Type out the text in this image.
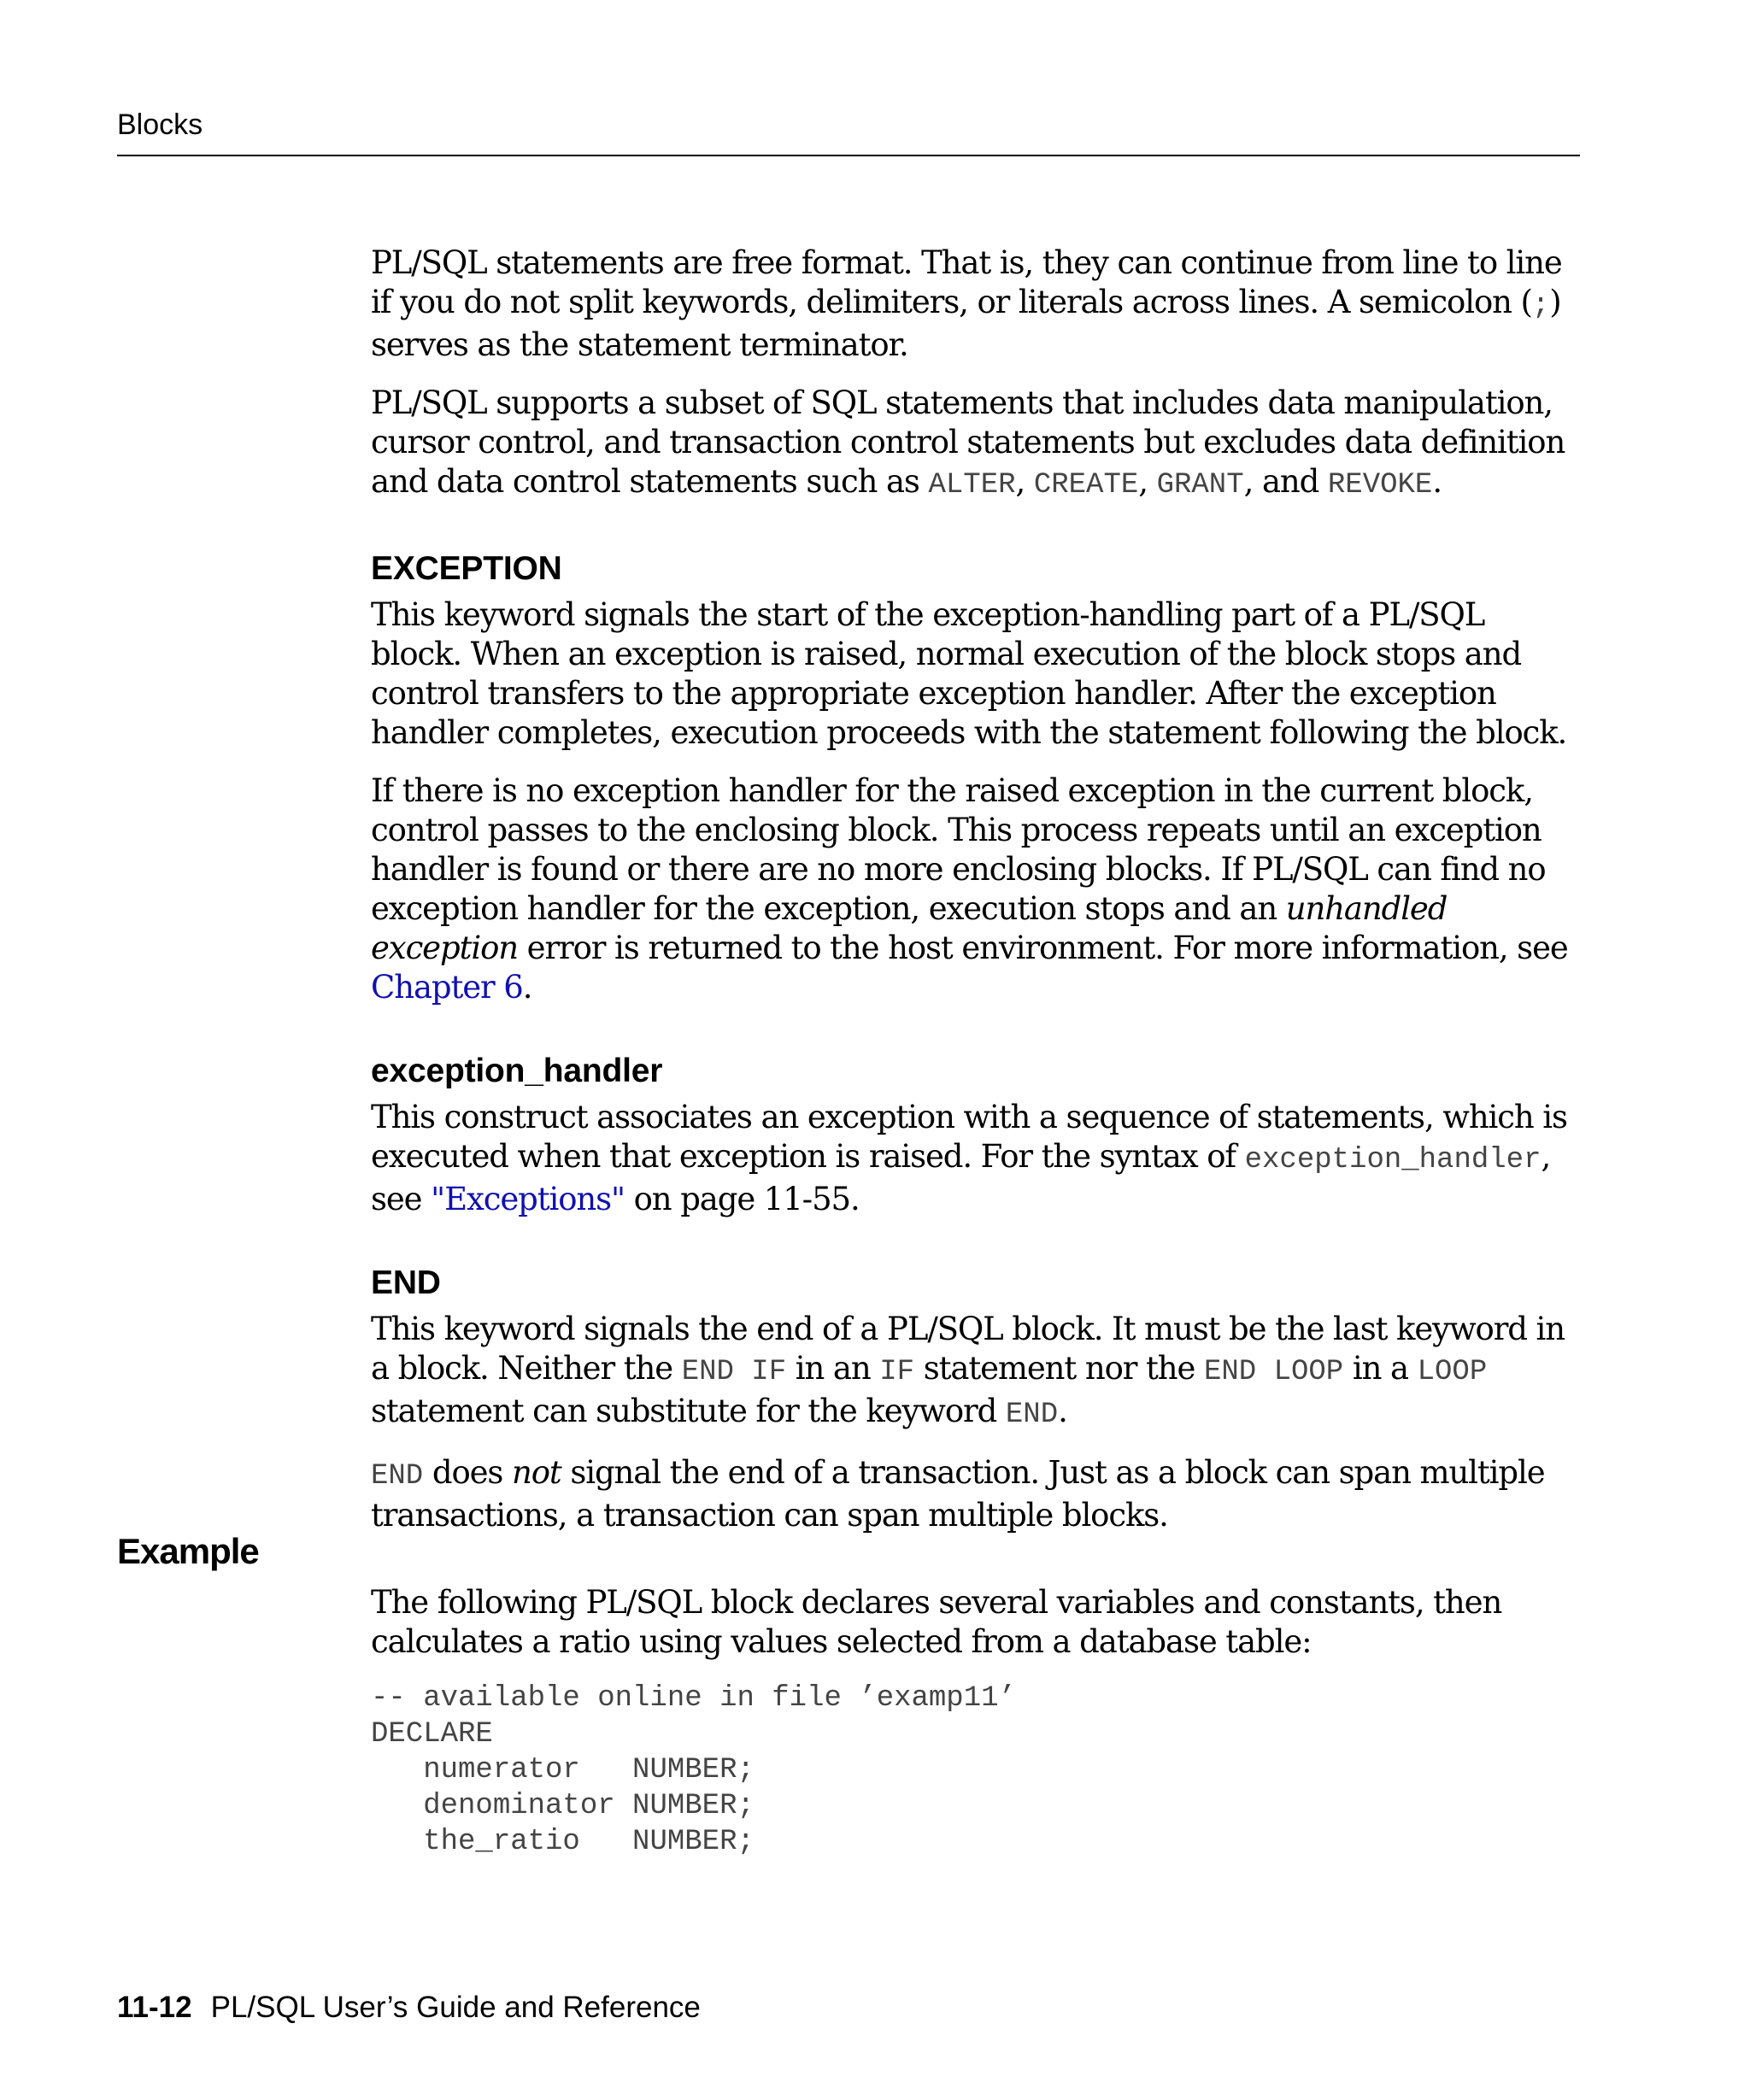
Blocks

PL/SQL statements are free format. That is, they can continue from line to line if you do not split keywords, delimiters, or literals across lines. A semicolon (;) serves as the statement terminator.

PL/SQL supports a subset of SQL statements that includes data manipulation, cursor control, and transaction control statements but excludes data definition and data control statements such as ALTER, CREATE, GRANT, and REVOKE.

EXCEPTION

This keyword signals the start of the exception-handling part of a PL/SQL block. When an exception is raised, normal execution of the block stops and control transfers to the appropriate exception handler. After the exception handler completes, execution proceeds with the statement following the block.

If there is no exception handler for the raised exception in the current block, control passes to the enclosing block. This process repeats until an exception handler is found or there are no more enclosing blocks. If PL/SQL can find no exception handler for the exception, execution stops and an unhandled exception error is returned to the host environment. For more information, see Chapter 6.

exception_handler

This construct associates an exception with a sequence of statements, which is executed when that exception is raised. For the syntax of exception_handler, see "Exceptions" on page 11-55.

END

This keyword signals the end of a PL/SQL block. It must be the last keyword in a block. Neither the END IF in an IF statement nor the END LOOP in a LOOP statement can substitute for the keyword END.

END does not signal the end of a transaction. Just as a block can span multiple transactions, a transaction can span multiple blocks.

Example

The following PL/SQL block declares several variables and constants, then calculates a ratio using values selected from a database table:

-- available online in file ’examp11’
DECLARE
numerator   NUMBER;
denominator NUMBER;
the_ratio   NUMBER;
11-12 PL/SQL User’s Guide and Reference
